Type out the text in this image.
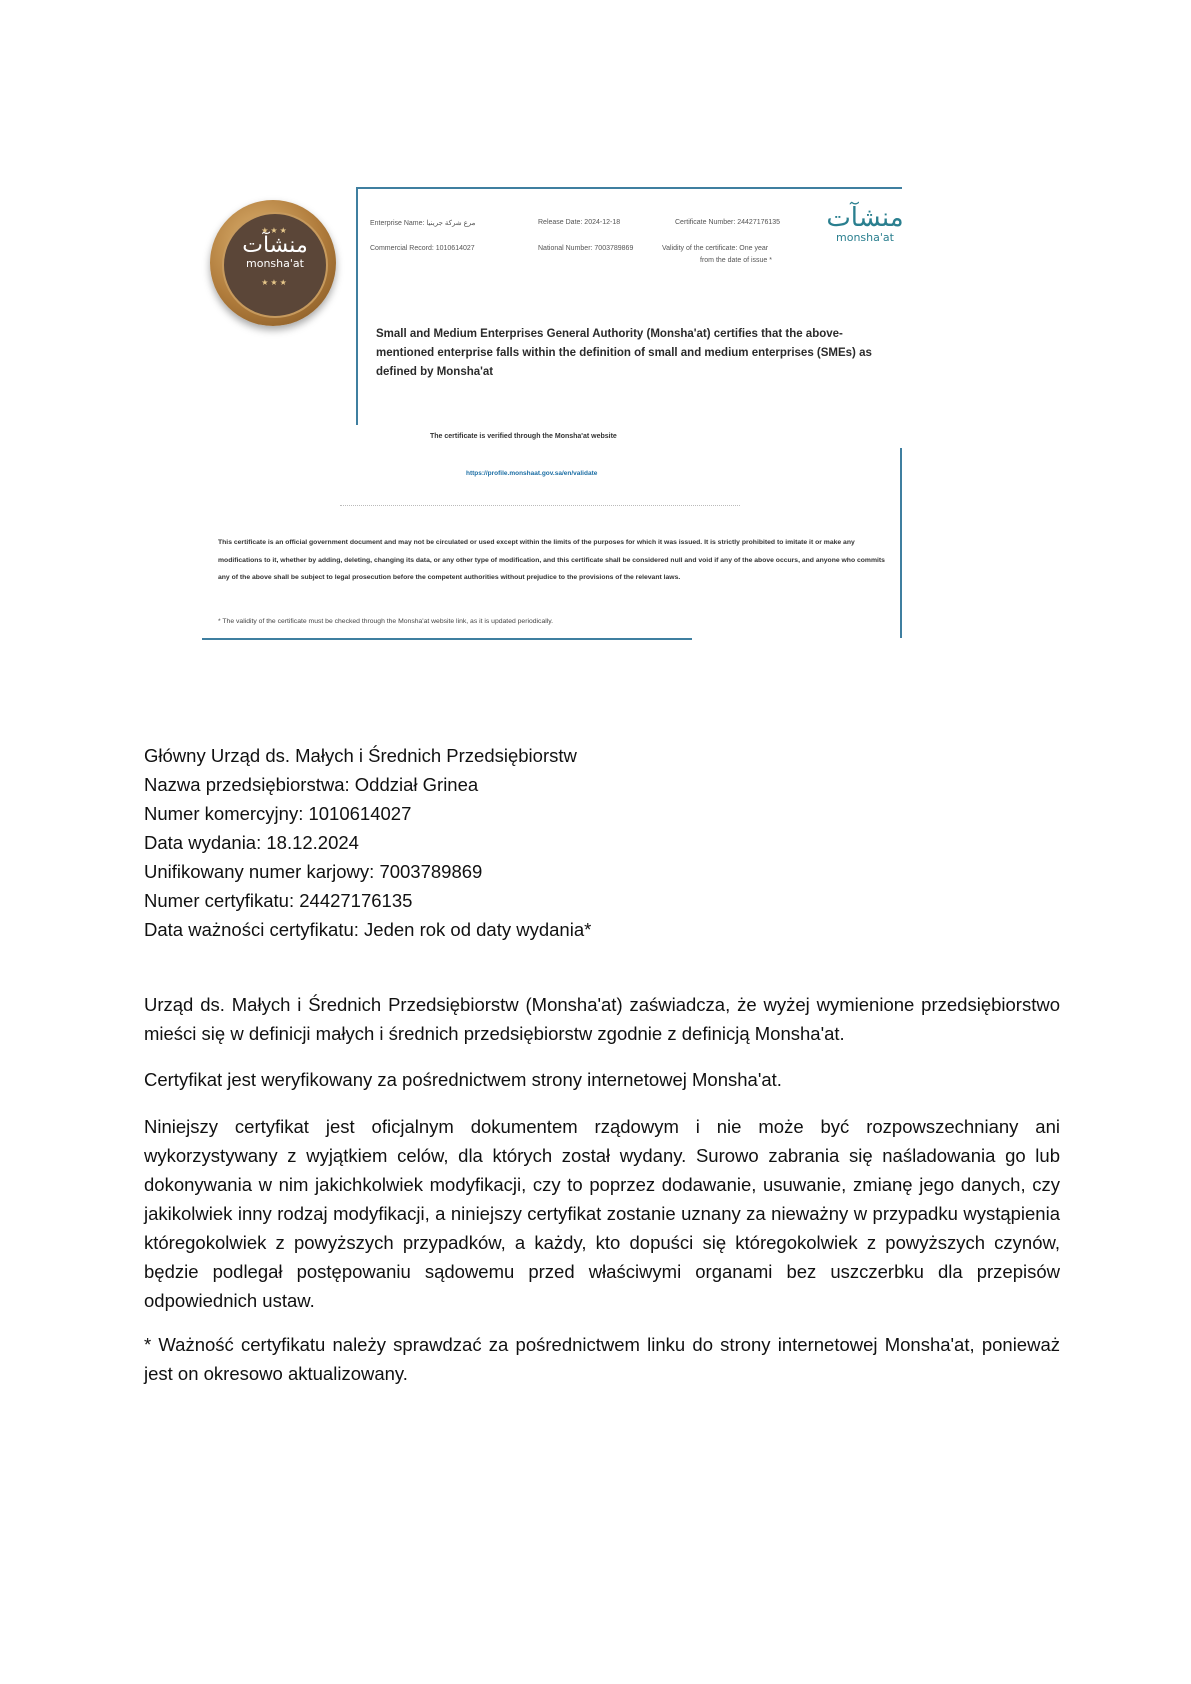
★★★
منشآت
monsha'at
★★★
Enterprise Name: مرع شركة جرينيا	Release Date: 2024-12-18	Certificate Number: 24427176135
Commercial Record: 1010614027	National Number: 7003789869	Validity of the certificate: One year
from the date of issue *
منشآت
monsha'at
Small and Medium Enterprises General Authority (Monsha'at) certifies that the above-mentioned enterprise falls within the definition of small and medium enterprises (SMEs) as defined by Monsha'at
The certificate is verified through the Monsha'at website
https://profile.monshaat.gov.sa/en/validate
This certificate is an official government document and may not be circulated or used except within the limits of the purposes for which it was issued. It is strictly prohibited to imitate it or make any modifications to it, whether by adding, deleting, changing its data, or any other type of modification, and this certificate shall be considered null and void if any of the above occurs, and anyone who commits any of the above shall be subject to legal prosecution before the competent authorities without prejudice to the provisions of the relevant laws.
* The validity of the certificate must be checked through the Monsha'at website link, as it is updated periodically.
Główny Urząd ds. Małych i Średnich Przedsiębiorstw
Nazwa przedsiębiorstwa: Oddział Grinea
Numer komercyjny: 1010614027
Data wydania: 18.12.2024
Unifikowany numer karjowy: 7003789869
Numer certyfikatu: 24427176135
Data ważności certyfikatu: Jeden rok od daty wydania*
Urząd ds. Małych i Średnich Przedsiębiorstw (Monsha'at) zaświadcza, że wyżej wymienione przedsiębiorstwo mieści się w definicji małych i średnich przedsiębiorstw zgodnie z definicją Monsha'at.
Certyfikat jest weryfikowany za pośrednictwem strony internetowej Monsha'at.
Niniejszy certyfikat jest oficjalnym dokumentem rządowym i nie może być rozpowszechniany ani wykorzystywany z wyjątkiem celów, dla których został wydany. Surowo zabrania się naśladowania go lub dokonywania w nim jakichkolwiek modyfikacji, czy to poprzez dodawanie, usuwanie, zmianę jego danych, czy jakikolwiek inny rodzaj modyfikacji, a niniejszy certyfikat zostanie uznany za nieważny w przypadku wystąpienia któregokolwiek z powyższych przypadków, a każdy, kto dopuści się któregokolwiek z powyższych czynów, będzie podlegał postępowaniu sądowemu przed właściwymi organami bez uszczerbku dla przepisów odpowiednich ustaw.
* Ważność certyfikatu należy sprawdzać za pośrednictwem linku do strony internetowej Monsha'at, ponieważ jest on okresowo aktualizowany.
